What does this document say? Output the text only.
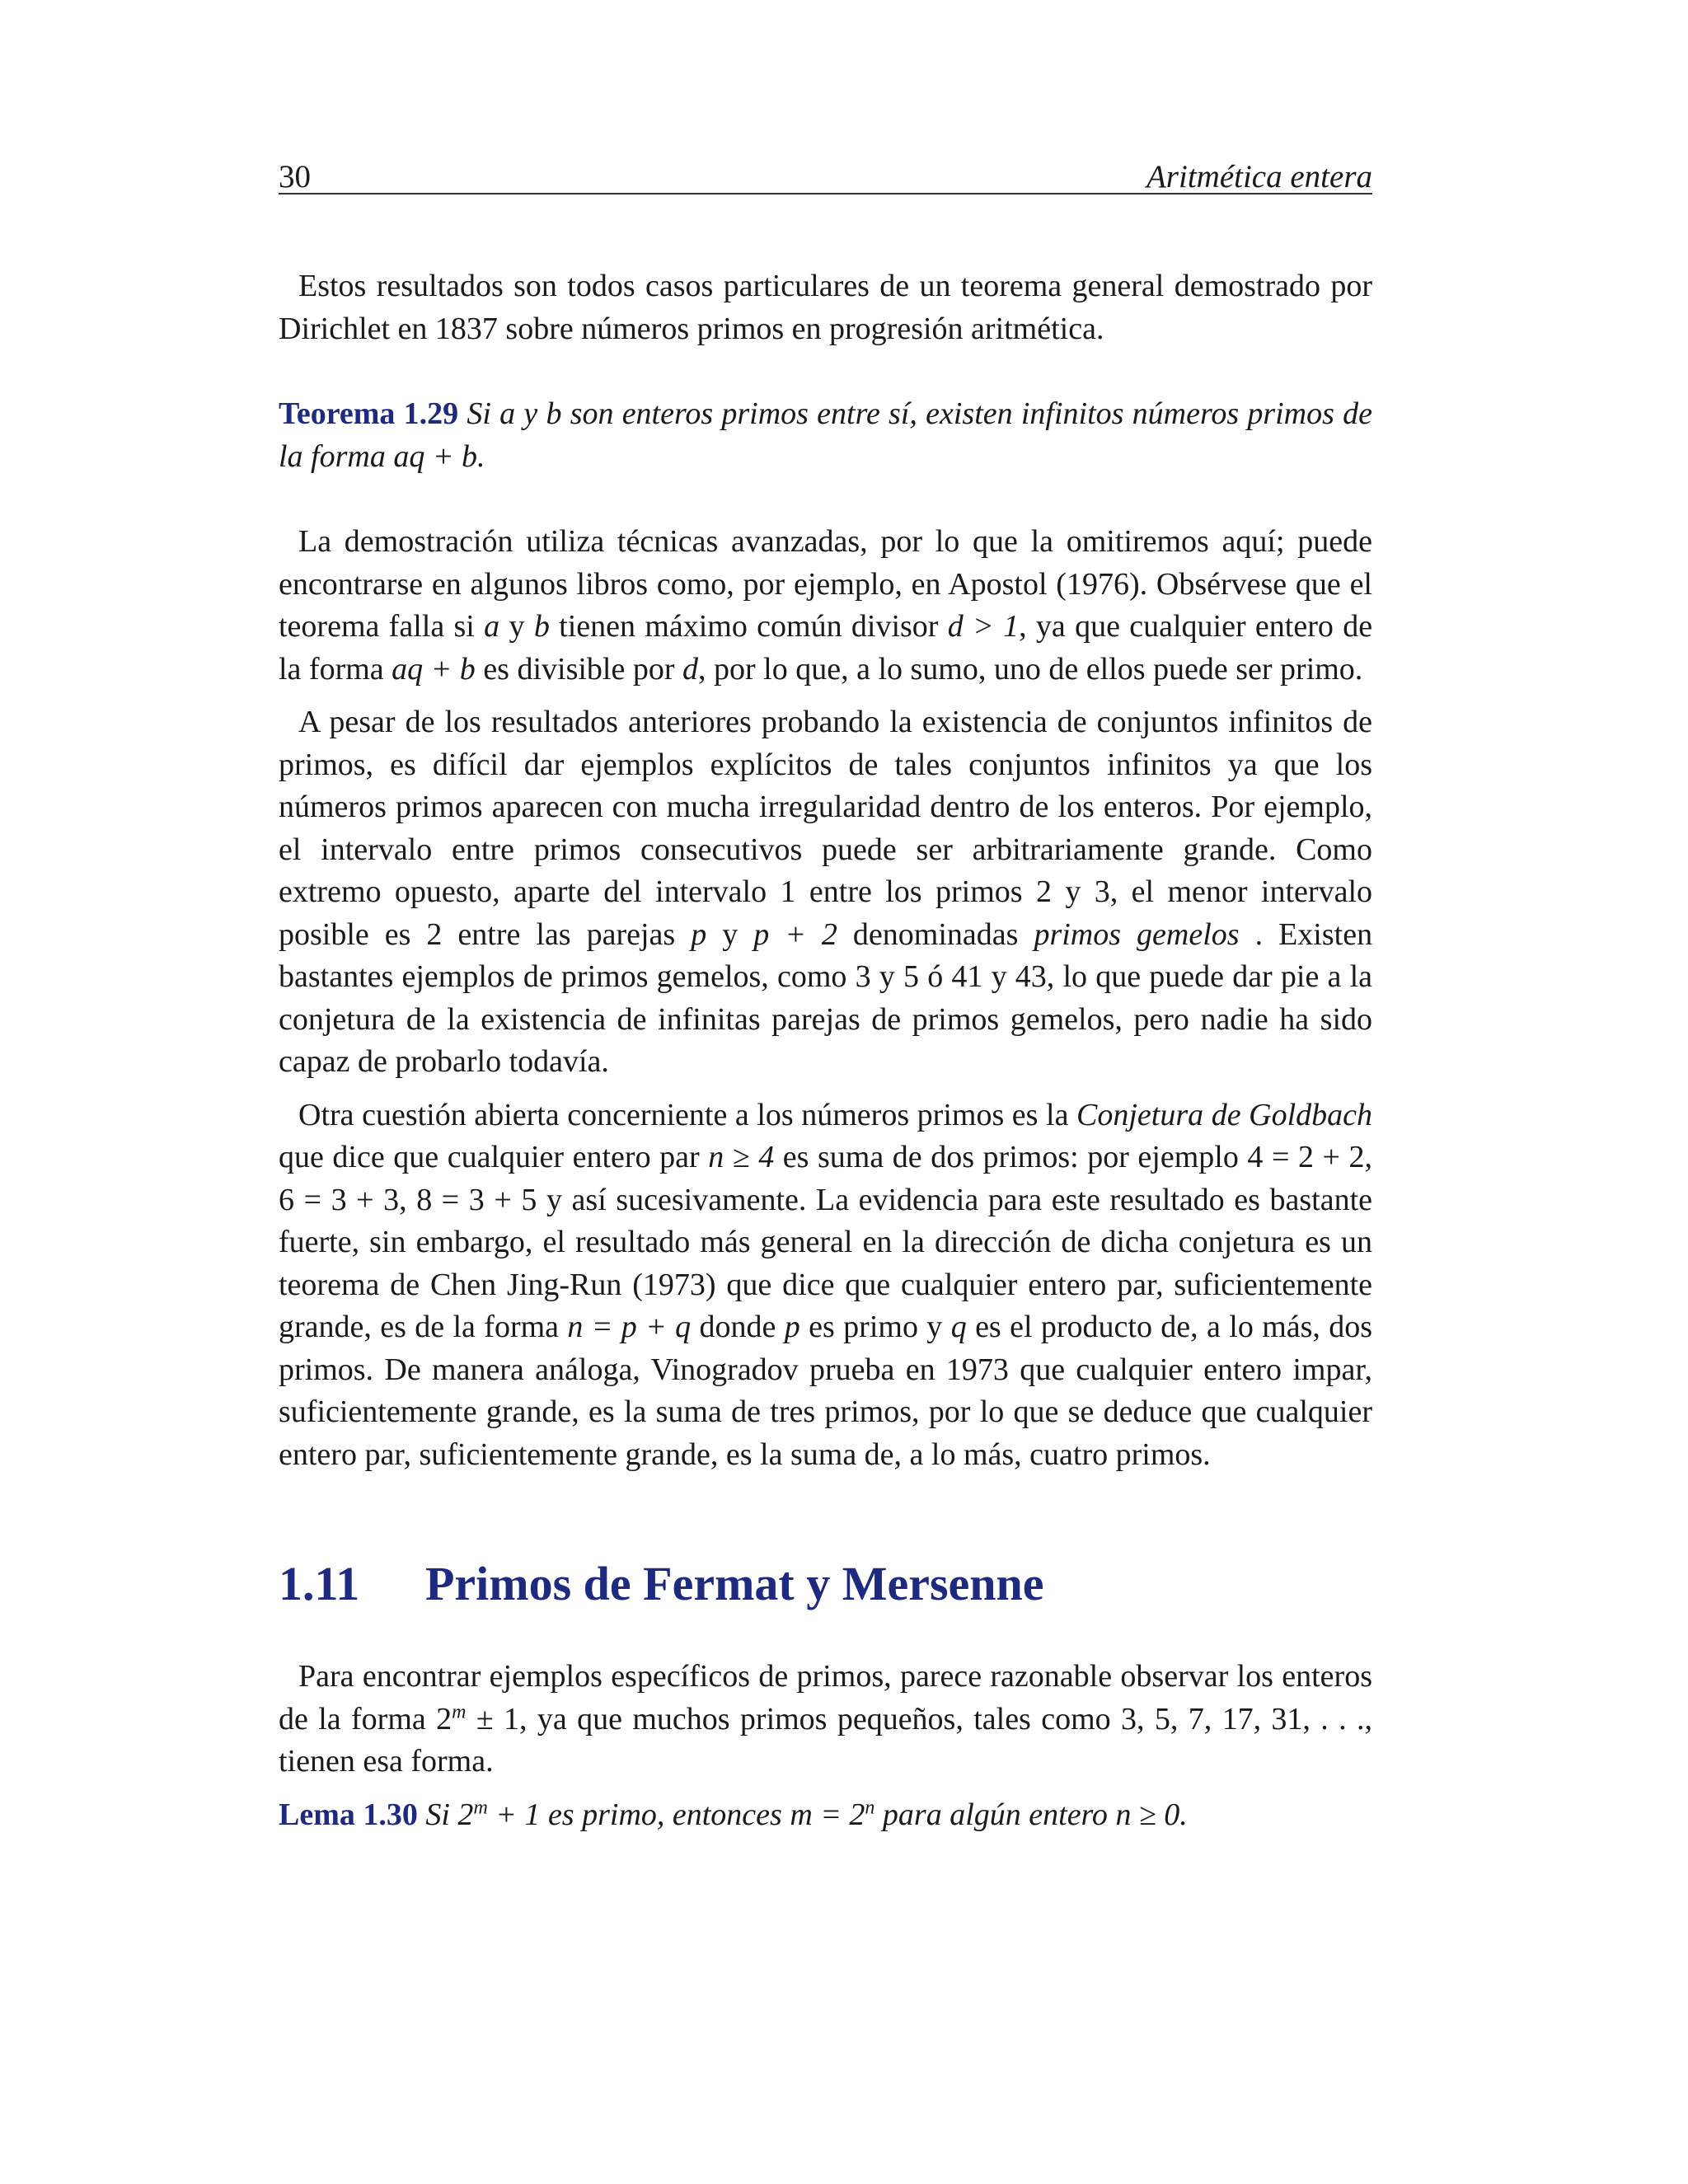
30	Aritmética entera

Estos resultados son todos casos particulares de un teorema general demostrado por Dirichlet en 1837 sobre números primos en progresión aritmética.

Teorema 1.29 Si a y b son enteros primos entre sí, existen infinitos números primos de la forma aq + b.

La demostración utiliza técnicas avanzadas, por lo que la omitiremos aquí; puede encontrarse en algunos libros como, por ejemplo, en Apostol (1976). Obsérvese que el teorema falla si a y b tienen máximo común divisor d > 1, ya que cualquier entero de la forma aq + b es divisible por d, por lo que, a lo sumo, uno de ellos puede ser primo.

A pesar de los resultados anteriores probando la existencia de conjuntos infinitos de primos, es difícil dar ejemplos explícitos de tales conjuntos infinitos ya que los números primos aparecen con mucha irregularidad dentro de los enteros. Por ejemplo, el intervalo entre primos consecutivos puede ser arbitrariamente grande. Como extremo opuesto, aparte del intervalo 1 entre los primos 2 y 3, el menor intervalo posible es 2 entre las parejas p y p + 2 denominadas primos gemelos . Existen bastantes ejemplos de primos gemelos, como 3 y 5 ó 41 y 43, lo que puede dar pie a la conjetura de la existencia de infinitas parejas de primos gemelos, pero nadie ha sido capaz de probarlo todavía.

Otra cuestión abierta concerniente a los números primos es la Conjetura de Goldbach que dice que cualquier entero par n ≥ 4 es suma de dos primos: por ejemplo 4 = 2 + 2, 6 = 3 + 3, 8 = 3 + 5 y así sucesivamente. La evidencia para este resultado es bastante fuerte, sin embargo, el resultado más general en la dirección de dicha conjetura es un teorema de Chen Jing-Run (1973) que dice que cualquier entero par, suficientemente grande, es de la forma n = p + q donde p es primo y q es el producto de, a lo más, dos primos. De manera análoga, Vinogradov prueba en 1973 que cualquier entero impar, suficientemente grande, es la suma de tres primos, por lo que se deduce que cualquier entero par, suficientemente grande, es la suma de, a lo más, cuatro primos.

1.11 Primos de Fermat y Mersenne

Para encontrar ejemplos específicos de primos, parece razonable observar los enteros de la forma $2^m \pm 1$, ya que muchos primos pequeños, tales como 3, 5, 7, 17, 31, . . ., tienen esa forma.

Lema 1.30 Si $2^m + 1$ es primo, entonces $m = 2^n$ para algún entero n ≥ 0.
